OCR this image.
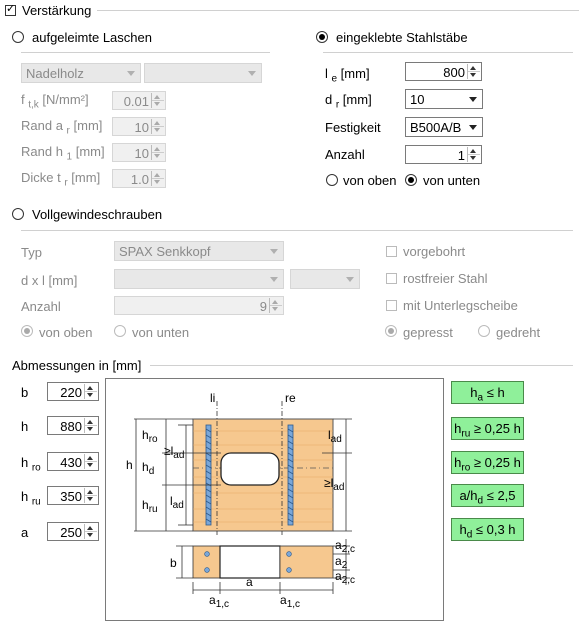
✓ Verstärkung
aufgeleimte Laschen
Nadelholz
f $_{t,k}$ [N/mm²]	0.01
Rand a $_r$ [mm] 10
Rand h $_1$ [mm] 10
Dicke t $_r$ [mm] 1.0
eingeklebte Stahlstäbe
l $_e$ [mm]	800
d $_r$ [mm]	10
Festigkeit B500A/B
Anzahl	1
von oben von unten
Vollgewindeschrauben
Typ	SPAX Senkkopf
d x l [mm]
Anzahl	9
von oben	von unten
vorgebohrt
rostfreier Stahl
mit Unterlegscheibe
gepresst	gedreht
Abmessungen in [mm]
b 220
h 880
h $_{ro}$ 430
h $_{ru}$ 350
a 250
li	re
h
$h_{ro}$
$h_d$
$h_{ru}$
$\ge l_{ad}$
$l_{ad}$
$l_{ad}$
$\ge l_{ad}$
b
a
$a_{1,c}$	$a_{1,c}$
$a_{2,c}$
$a_2$
$a_{2,c}$
$h_a \le h$
$h_{ru} \ge 0,25$ h
$h_{ro} \ge 0,25$ h
$a/h_d \le 2,5$
$h_d \le 0,3$ h
